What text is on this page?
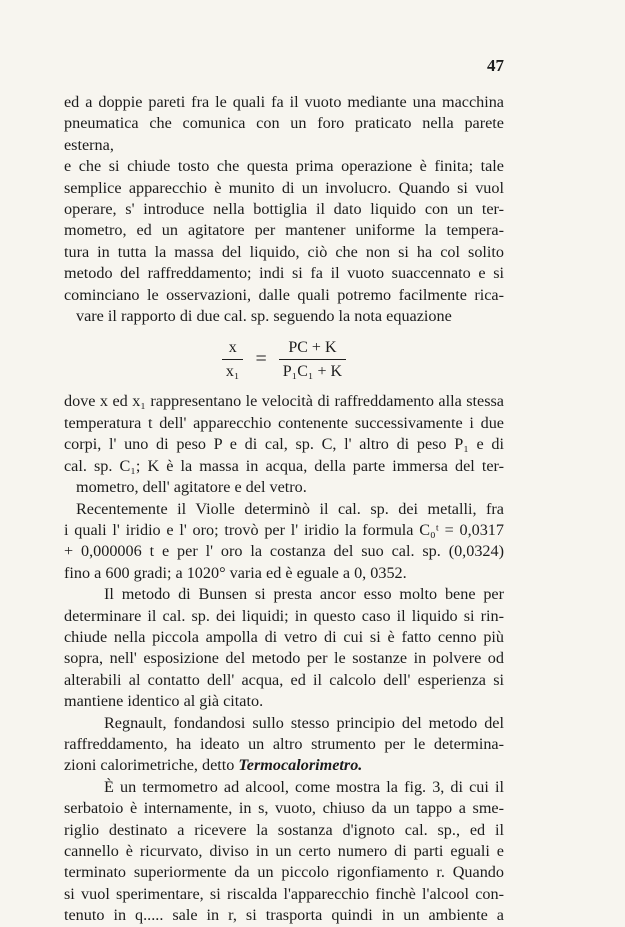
47
ed a doppie pareti fra le quali fa il vuoto mediante una macchina
pneumatica che comunica con un foro praticato nella parete esterna,
e che si chiude tosto che questa prima operazione è finita; tale
semplice apparecchio è munito di un involucro. Quando si vuol
operare, s' introduce nella bottiglia il dato liquido con un ter-
mometro, ed un agitatore per mantener uniforme la tempera-
tura in tutta la massa del liquido, ciò che non si ha col solito
metodo del raffreddamento; indi si fa il vuoto suaccennato e si
cominciano le osservazioni, dalle quali potremo facilmente rica-
vare il rapporto di due cal. sp. seguendo la nota equazione
$\frac{x}{\text{x₁}} = \frac{PC + K}{\text{P₁C₁ + K}}$
dove x ed x₁ rappresentano le velocità di raffreddamento alla stessa
temperatura t dell' apparecchio contenente successivamente i due
corpi, l' uno di peso P e di cal, sp. C, l' altro di peso P₁ e di
cal. sp. C₁; K è la massa in acqua, della parte immersa del ter-
mometro, dell' agitatore e del vetro.
Recentemente il Violle determinò il cal. sp. dei metalli, fra
i quali l' iridio e l' oro; trovò per l' iridio la formula C₀ᵗ = 0,0317
+ 0,000006 t e per l' oro la costanza del suo cal. sp. (0,0324)
fino a 600 gradi; a 1020° varia ed è eguale a 0, 0352.
Il metodo di Bunsen si presta ancor esso molto bene per
determinare il cal. sp. dei liquidi; in questo caso il liquido si rin-
chiude nella piccola ampolla di vetro di cui si è fatto cenno più
sopra, nell' esposizione del metodo per le sostanze in polvere od
alterabili al contatto dell' acqua, ed il calcolo dell' esperienza si
mantiene identico al già citato.
Regnault, fondandosi sullo stesso principio del metodo del
raffreddamento, ha ideato un altro strumento per le determina-
zioni calorimetriche, detto Termocalorimetro.
È un termometro ad alcool, come mostra la fig. 3, di cui il
serbatoio è internamente, in s, vuoto, chiuso da un tappo a sme-
riglio destinato a ricevere la sostanza d'ignoto cal. sp., ed il
cannello è ricurvato, diviso in un certo numero di parti eguali e
terminato superiormente da un piccolo rigonfiamento r. Quando
si vuol sperimentare, si riscalda l'apparecchio finchè l'alcool con-
tenuto in q..... sale in r, si trasporta quindi in un ambiente a
